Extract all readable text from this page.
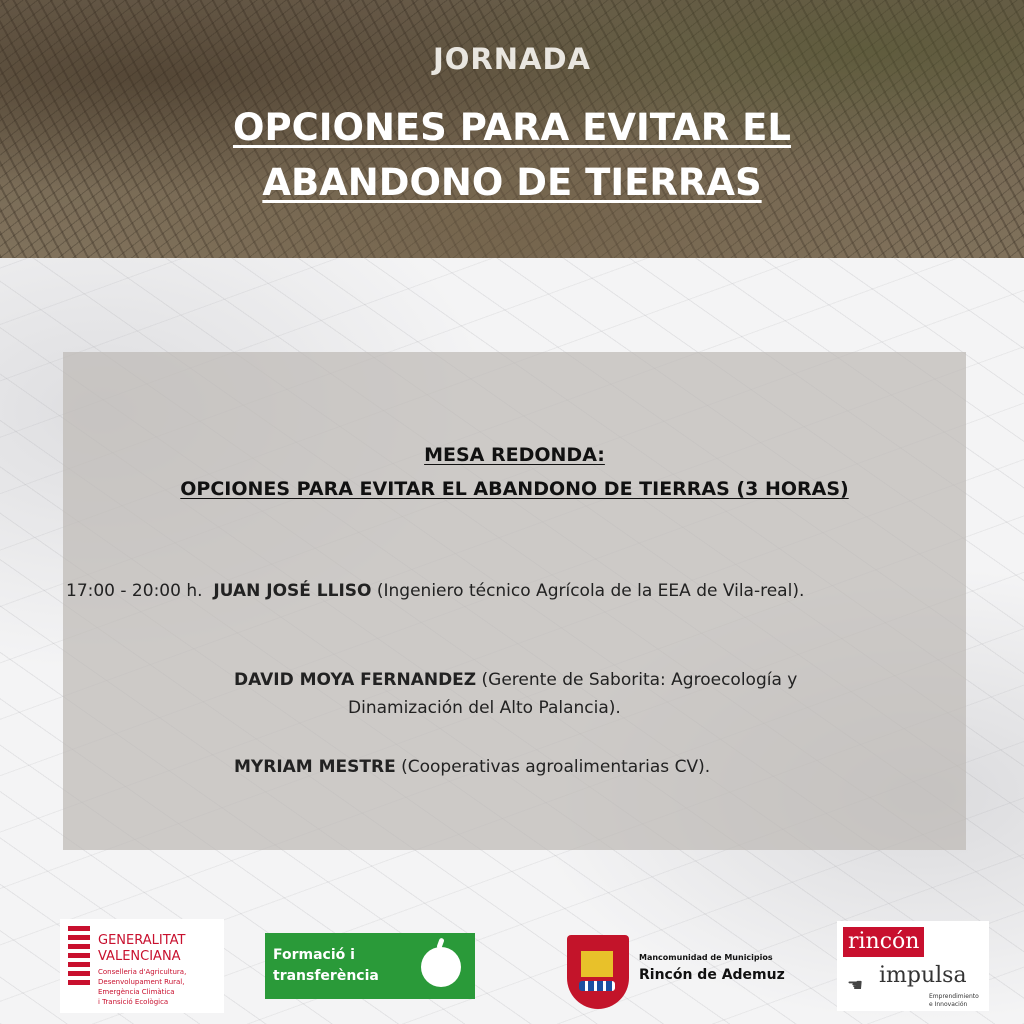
JORNADA
OPCIONES PARA EVITAR EL
ABANDONO DE TIERRAS
MESA REDONDA:
OPCIONES PARA EVITAR EL ABANDONO DE TIERRAS (3 HORAS)
17:00 - 20:00 h. JUAN JOSÉ LLISO (Ingeniero técnico Agrícola de la EEA de Vila-real).
DAVID MOYA FERNANDEZ (Gerente de Saborita: Agroecología y
Dinamización del Alto Palancia).
MYRIAM MESTRE (Cooperativas agroalimentarias CV).
GENERALITAT
VALENCIANA
Conselleria d'Agricultura,
Desenvolupament Rural,
Emergència Climàtica
i Transició Ecològica
Formació i
transferència
Mancomunidad de Municipios
Rincón de Ademuz
rincón
☚ impulsa
Emprendimiento
e Innovación
